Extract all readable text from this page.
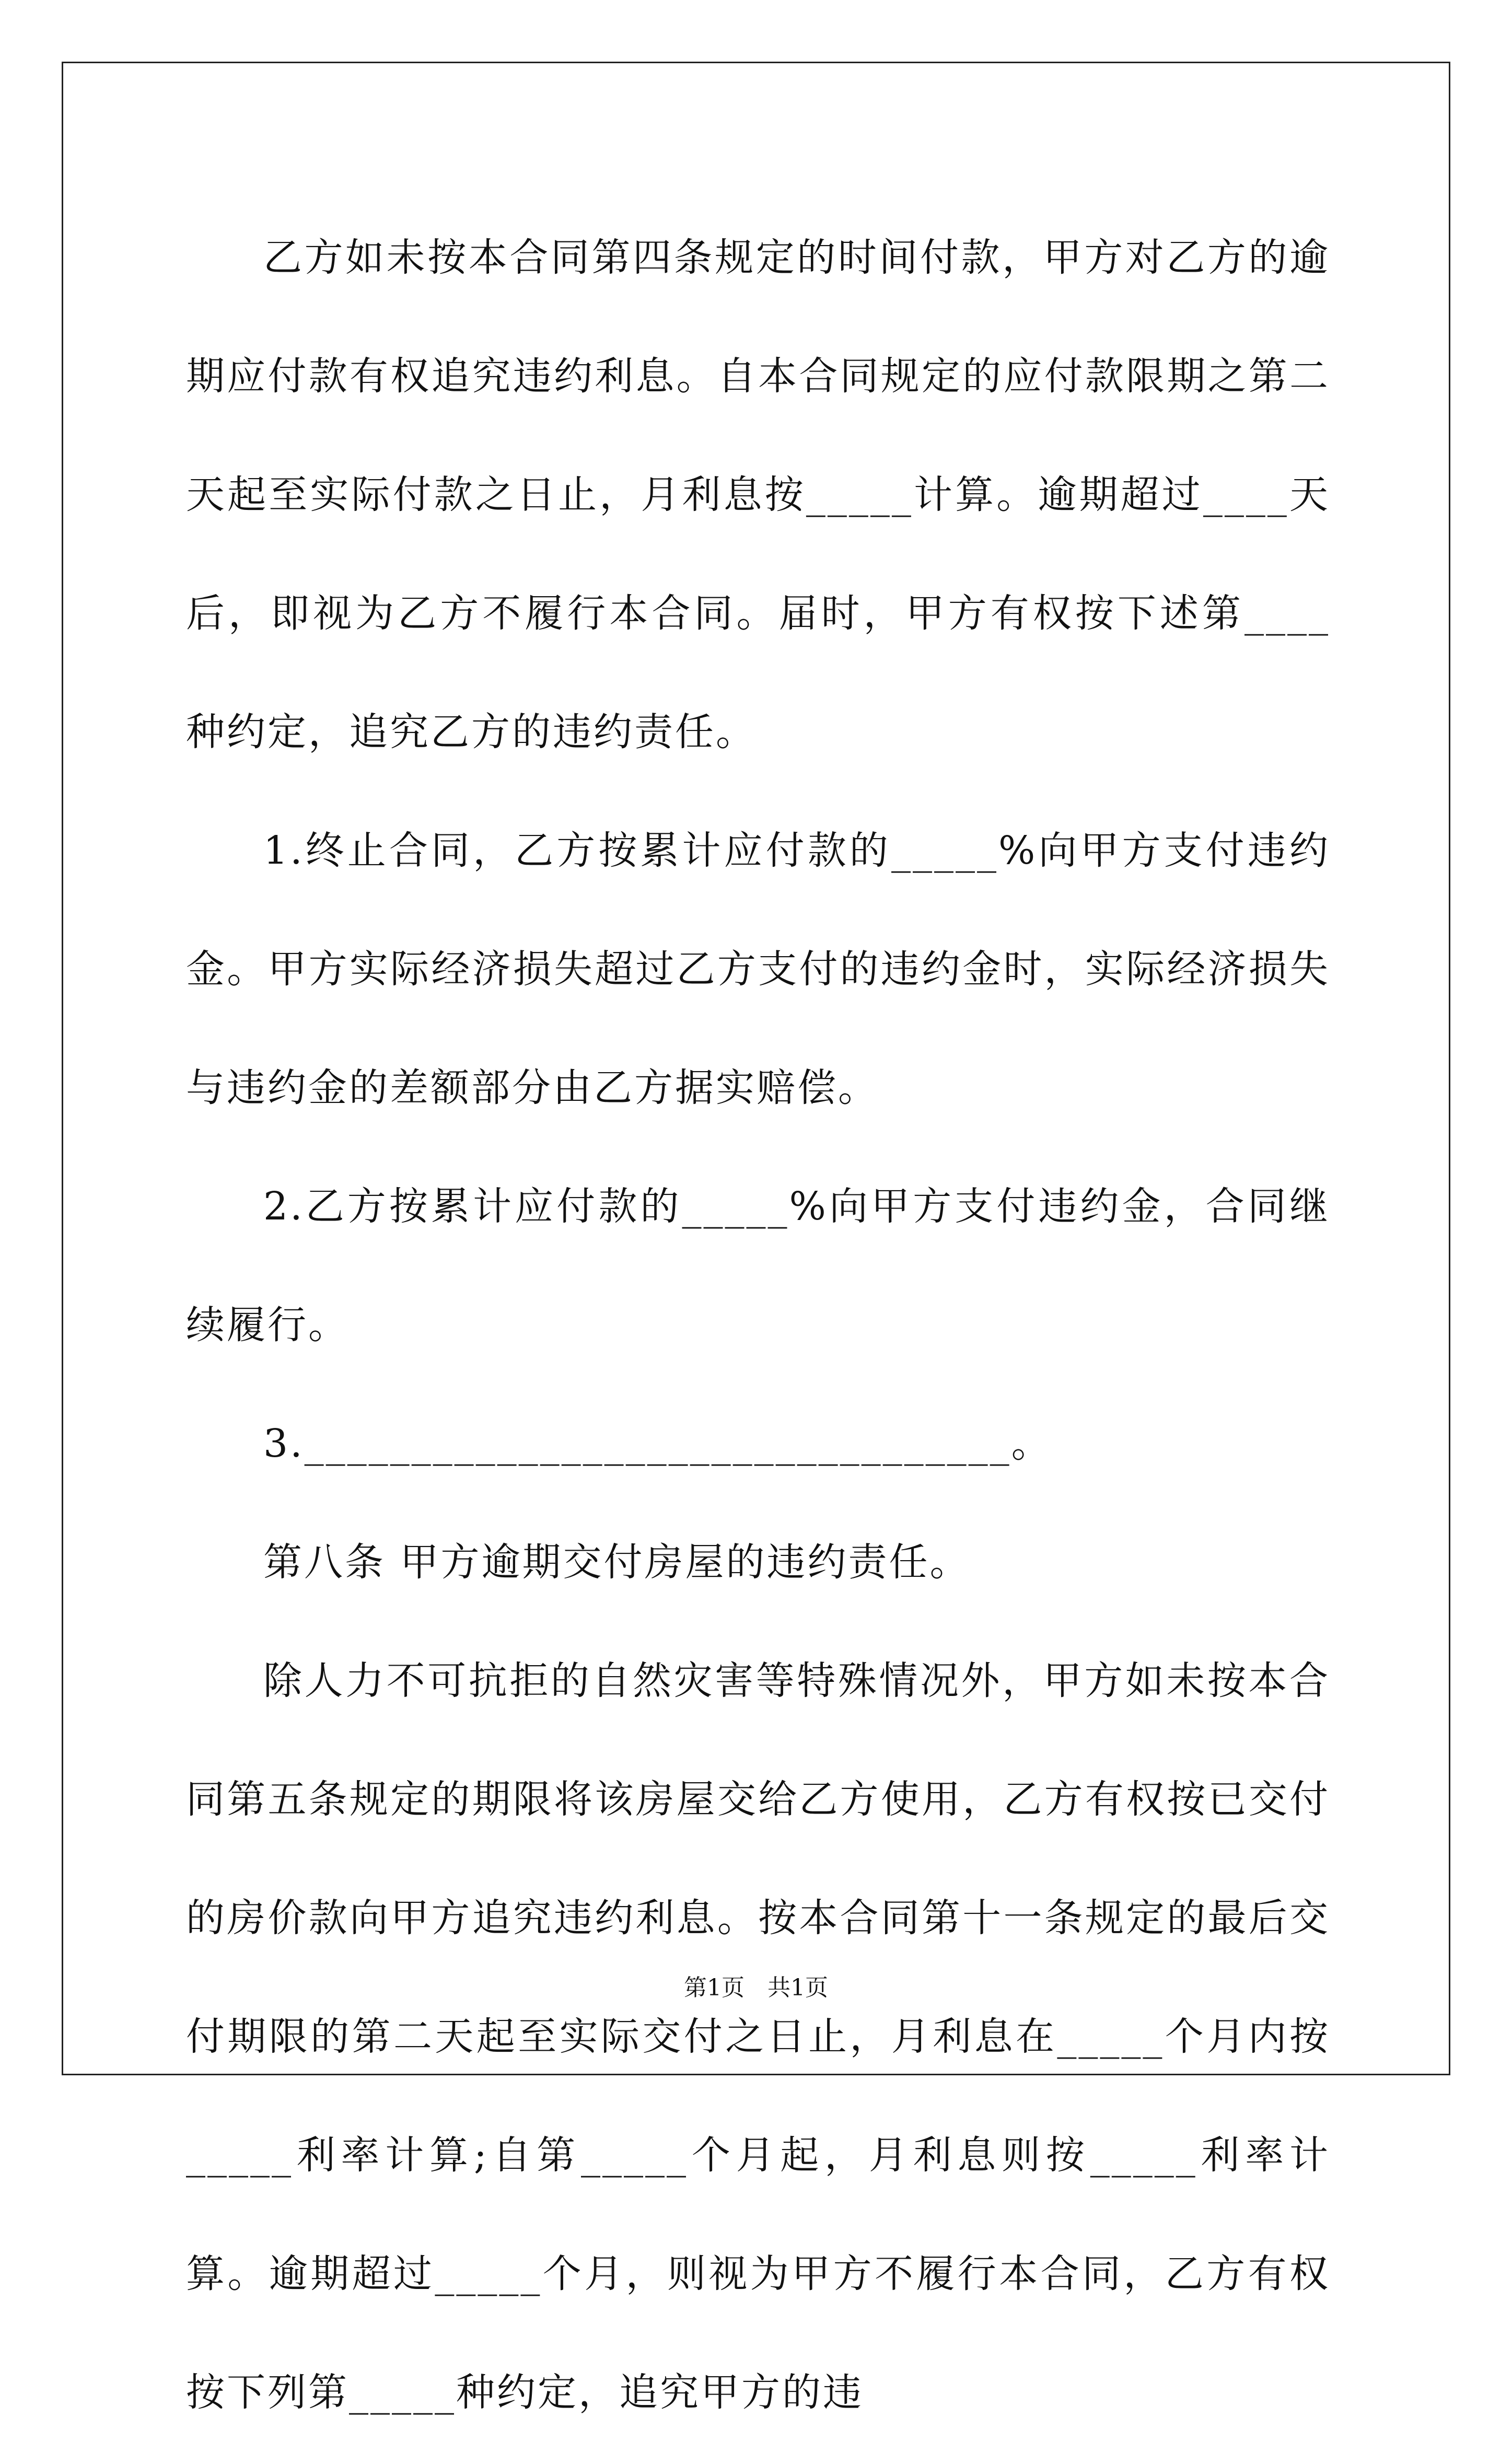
乙方如未按本合同第四条规定的时间付款，甲方对乙方的逾期应付款有权追究违约利息。自本合同规定的应付款限期之第二天起至实际付款之日止，月利息按_____计算。逾期超过____天后，即视为乙方不履行本合同。届时，甲方有权按下述第____种约定，追究乙方的违约责任。

1.终止合同，乙方按累计应付款的_____%向甲方支付违约金。甲方实际经济损失超过乙方支付的违约金时，实际经济损失与违约金的差额部分由乙方据实赔偿。

2.乙方按累计应付款的_____%向甲方支付违约金，合同继续履行。

3._________________________________。

第八条 甲方逾期交付房屋的违约责任。

除人力不可抗拒的自然灾害等特殊情况外，甲方如未按本合同第五条规定的期限将该房屋交给乙方使用，乙方有权按已交付的房价款向甲方追究违约利息。按本合同第十一条规定的最后交付期限的第二天起至实际交付之日止，月利息在_____个月内按_____利率计算;自第_____个月起，月利息则按_____利率计算。逾期超过_____个月，则视为甲方不履行本合同，乙方有权按下列第_____种约定，追究甲方的违

第1页　共1页
